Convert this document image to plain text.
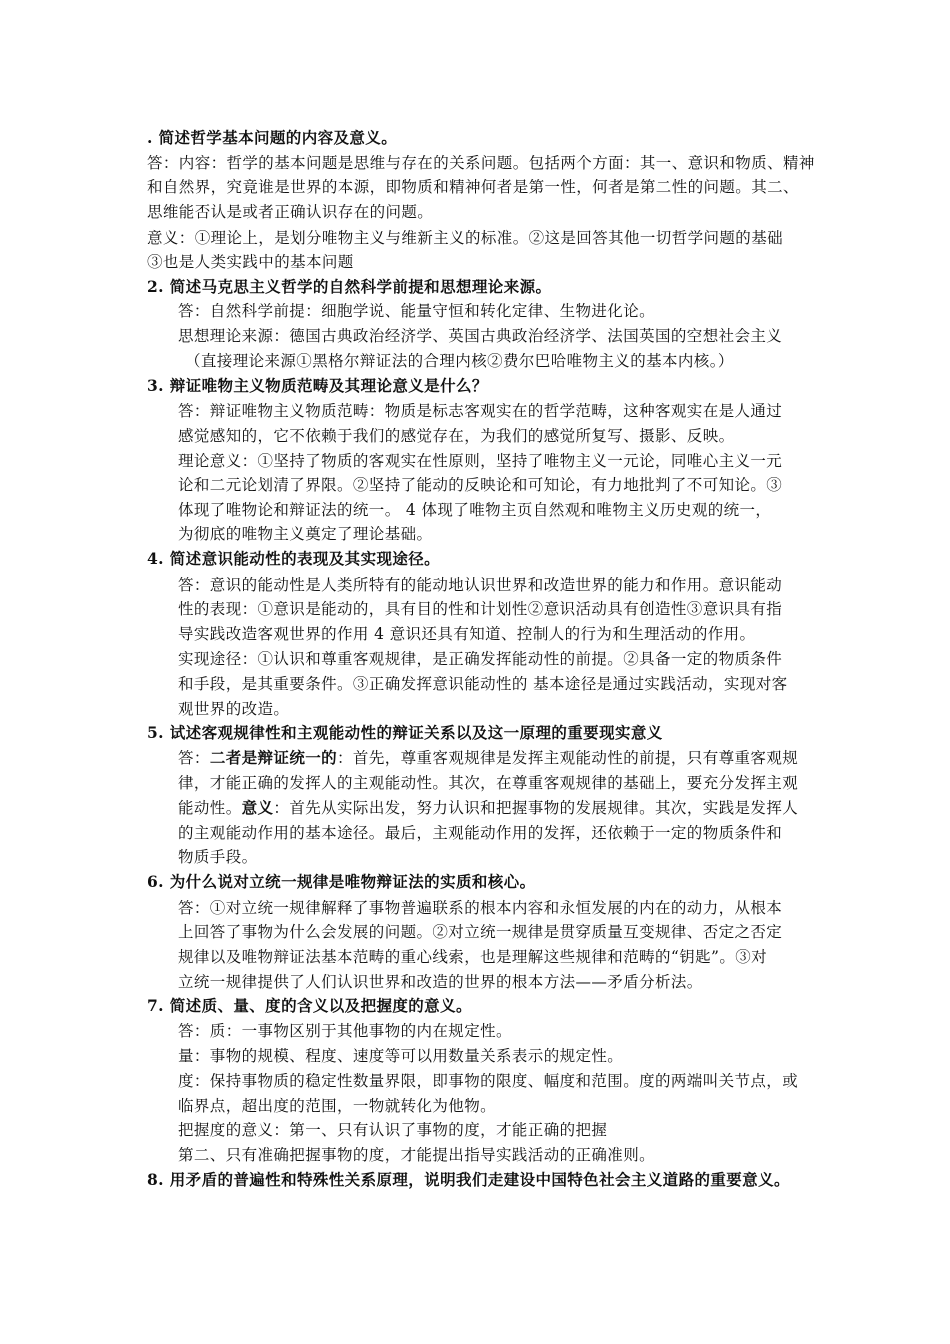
. 简述哲学基本问题的内容及意义。
答：内容：哲学的基本问题是思维与存在的关系问题。包括两个方面：其一、意识和物质、精神
和自然界，究竟谁是世界的本源，即物质和精神何者是第一性，何者是第二性的问题。其二、
思维能否认是或者正确认识存在的问题。
意义：①理论上，是划分唯物主义与维新主义的标准。②这是回答其他一切哲学问题的基础
③也是人类实践中的基本问题
2. 简述马克思主义哲学的自然科学前提和思想理论来源。
答：自然科学前提：细胞学说、能量守恒和转化定律、生物进化论。
思想理论来源：德国古典政治经济学、英国古典政治经济学、法国英国的空想社会主义
（直接理论来源①黑格尔辩证法的合理内核②费尔巴哈唯物主义的基本内核。）
3. 辩证唯物主义物质范畴及其理论意义是什么？
答：辩证唯物主义物质范畴：物质是标志客观实在的哲学范畴，这种客观实在是人通过
感觉感知的，它不依赖于我们的感觉存在，为我们的感觉所复写、摄影、反映。
理论意义：①坚持了物质的客观实在性原则，坚持了唯物主义一元论，同唯心主义一元
论和二元论划清了界限。②坚持了能动的反映论和可知论，有力地批判了不可知论。③
体现了唯物论和辩证法的统一。 4 体现了唯物主页自然观和唯物主义历史观的统一，
为彻底的唯物主义奠定了理论基础。
4. 简述意识能动性的表现及其实现途径。
答：意识的能动性是人类所特有的能动地认识世界和改造世界的能力和作用。意识能动
性的表现：①意识是能动的，具有目的性和计划性②意识活动具有创造性③意识具有指
导实践改造客观世界的作用 4 意识还具有知道、控制人的行为和生理活动的作用。
实现途径：①认识和尊重客观规律，是正确发挥能动性的前提。②具备一定的物质条件
和手段，是其重要条件。③正确发挥意识能动性的 基本途径是通过实践活动，实现对客
观世界的改造。
5. 试述客观规律性和主观能动性的辩证关系以及这一原理的重要现实意义
答：二者是辩证统一的：首先，尊重客观规律是发挥主观能动性的前提，只有尊重客观规
律，才能正确的发挥人的主观能动性。其次，在尊重客观规律的基础上，要充分发挥主观
能动性。意义：首先从实际出发，努力认识和把握事物的发展规律。其次，实践是发挥人
的主观能动作用的基本途径。最后，主观能动作用的发挥，还依赖于一定的物质条件和
物质手段。
6. 为什么说对立统一规律是唯物辩证法的实质和核心。
答：①对立统一规律解释了事物普遍联系的根本内容和永恒发展的内在的动力，从根本
上回答了事物为什么会发展的问题。②对立统一规律是贯穿质量互变规律、否定之否定
规律以及唯物辩证法基本范畴的重心线索，也是理解这些规律和范畴的“钥匙”。③对
立统一规律提供了人们认识世界和改造的世界的根本方法——矛盾分析法。
7. 简述质、量、度的含义以及把握度的意义。
答：质：一事物区别于其他事物的内在规定性。
量：事物的规模、程度、速度等可以用数量关系表示的规定性。
度：保持事物质的稳定性数量界限，即事物的限度、幅度和范围。度的两端叫关节点，或
临界点，超出度的范围，一物就转化为他物。
把握度的意义：第一、只有认识了事物的度，才能正确的把握
第二、只有准确把握事物的度，才能提出指导实践活动的正确准则。
8. 用矛盾的普遍性和特殊性关系原理，说明我们走建设中国特色社会主义道路的重要意义。
